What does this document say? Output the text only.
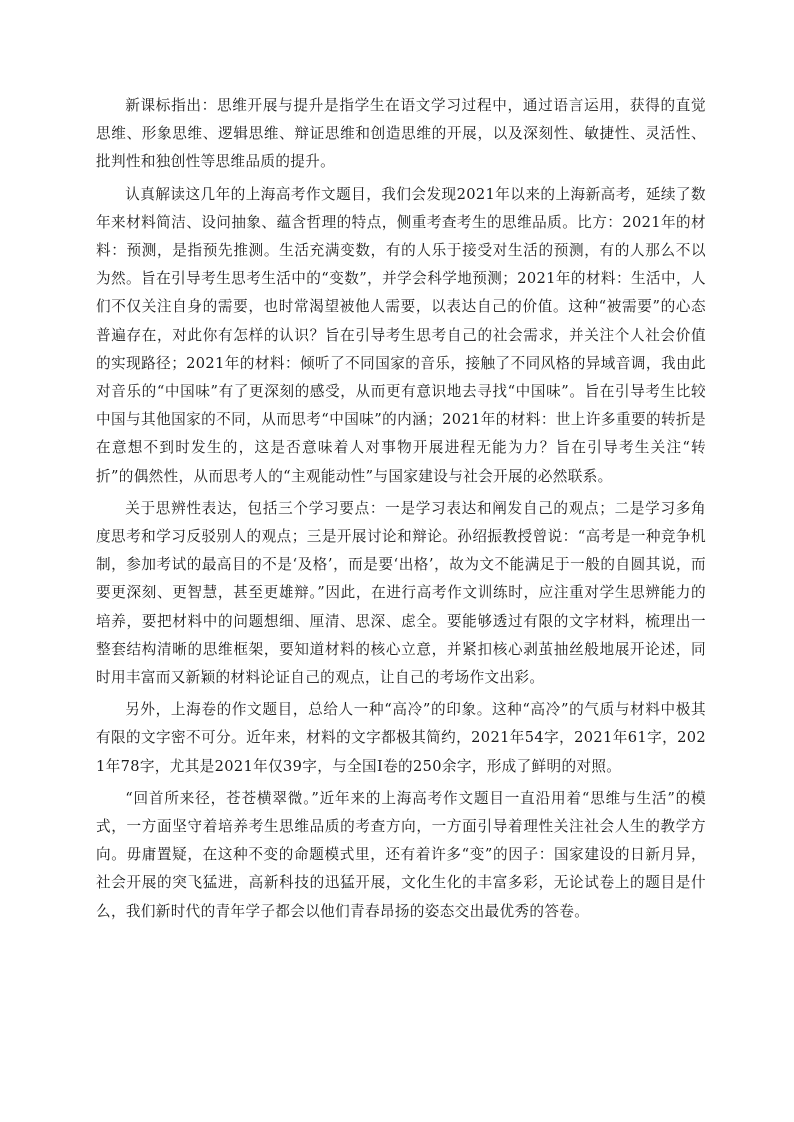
新课标指出：思维开展与提升是指学生在语文学习过程中，通过语言运用，获得的直觉思维、形象思维、逻辑思维、辩证思维和创造思维的开展，以及深刻性、敏捷性、灵活性、批判性和独创性等思维品质的提升。

认真解读这几年的上海高考作文题目，我们会发现2021年以来的上海新高考，延续了数年来材料简洁、设问抽象、蕴含哲理的特点，侧重考查考生的思维品质。比方：2021年的材料：预测，是指预先推测。生活充满变数，有的人乐于接受对生活的预测，有的人那么不以为然。旨在引导考生思考生活中的“变数”，并学会科学地预测；2021年的材料：生活中，人们不仅关注自身的需要，也时常渴望被他人需要，以表达自己的价值。这种“被需要”的心态普遍存在，对此你有怎样的认识？旨在引导考生思考自己的社会需求，并关注个人社会价值的实现路径；2021年的材料：倾听了不同国家的音乐，接触了不同风格的异域音调，我由此对音乐的“中国味”有了更深刻的感受，从而更有意识地去寻找“中国味”。旨在引导考生比较中国与其他国家的不同，从而思考“中国味”的内涵；2021年的材料：世上许多重要的转折是在意想不到时发生的，这是否意味着人对事物开展进程无能为力？旨在引导考生关注“转折”的偶然性，从而思考人的“主观能动性”与国家建设与社会开展的必然联系。

关于思辨性表达，包括三个学习要点：一是学习表达和阐发自己的观点；二是学习多角度思考和学习反驳别人的观点；三是开展讨论和辩论。孙绍振教授曾说：“高考是一种竞争机制，参加考试的最高目的不是‘及格’，而是要‘出格’，故为文不能满足于一般的自圆其说，而要更深刻、更智慧，甚至更雄辩。”因此，在进行高考作文训练时，应注重对学生思辨能力的培养，要把材料中的问题想细、厘清、思深、虑全。要能够透过有限的文字材料，梳理出一整套结构清晰的思维框架，要知道材料的核心立意，并紧扣核心剥茧抽丝般地展开论述，同时用丰富而又新颖的材料论证自己的观点，让自己的考场作文出彩。

另外，上海卷的作文题目，总给人一种“高冷”的印象。这种“高冷”的气质与材料中极其有限的文字密不可分。近年来，材料的文字都极其简约，2021年54字，2021年61字，2021年78字，尤其是2021年仅39字，与全国Ⅰ卷的250余字，形成了鲜明的对照。

“回首所来径，苍苍横翠微。”近年来的上海高考作文题目一直沿用着“思维与生活”的模式，一方面坚守着培养考生思维品质的考查方向，一方面引导着理性关注社会人生的教学方向。毋庸置疑，在这种不变的命题模式里，还有着许多“变”的因子：国家建设的日新月异，社会开展的突飞猛进，高新科技的迅猛开展，文化生化的丰富多彩，无论试卷上的题目是什么，我们新时代的青年学子都会以他们青春昂扬的姿态交出最优秀的答卷。
